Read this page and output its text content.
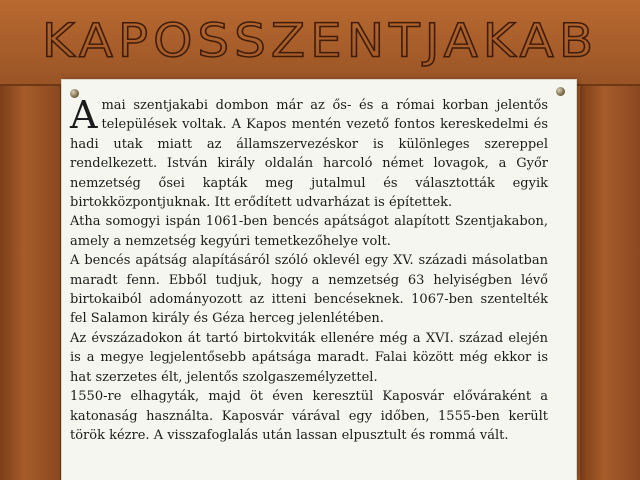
KAPOSSZENTJAKAB

A mai szentjakabi dombon már az ős- és a római korban jelentős települések voltak. A Kapos mentén vezető fontos kereskedelmi és hadi utak miatt az államszervezéskor is különleges szereppel rendelkezett. István király oldalán harcoló német lovagok, a Győr nemzetség ősei kapták meg jutalmul és választották egyik birtokközpontjuknak. Itt erődített udvarházat is építettek.

Atha somogyi ispán 1061-ben bencés apátságot alapított Szentjakabon, amely a nemzetség kegyúri temetkezőhelye volt.

A bencés apátság alapításáról szóló oklevél egy XV. századi másolatban maradt fenn. Ebből tudjuk, hogy a nemzetség 63 helyiségben lévő birtokaiból adományozott az itteni bencéseknek. 1067-ben szentelték fel Salamon király és Géza herceg jelenlétében.

Az évszázadokon át tartó birtokviták ellenére még a XVI. század elején is a megye legjelentősebb apátsága maradt. Falai között még ekkor is hat szerzetes élt, jelentős szolgaszemélyzettel.

1550-re elhagyták, majd öt éven keresztül Kaposvár előváraként a katonaság használta. Kaposvár várával egy időben, 1555-ben került török kézre. A visszafoglalás után lassan elpusztult és rommá vált.
